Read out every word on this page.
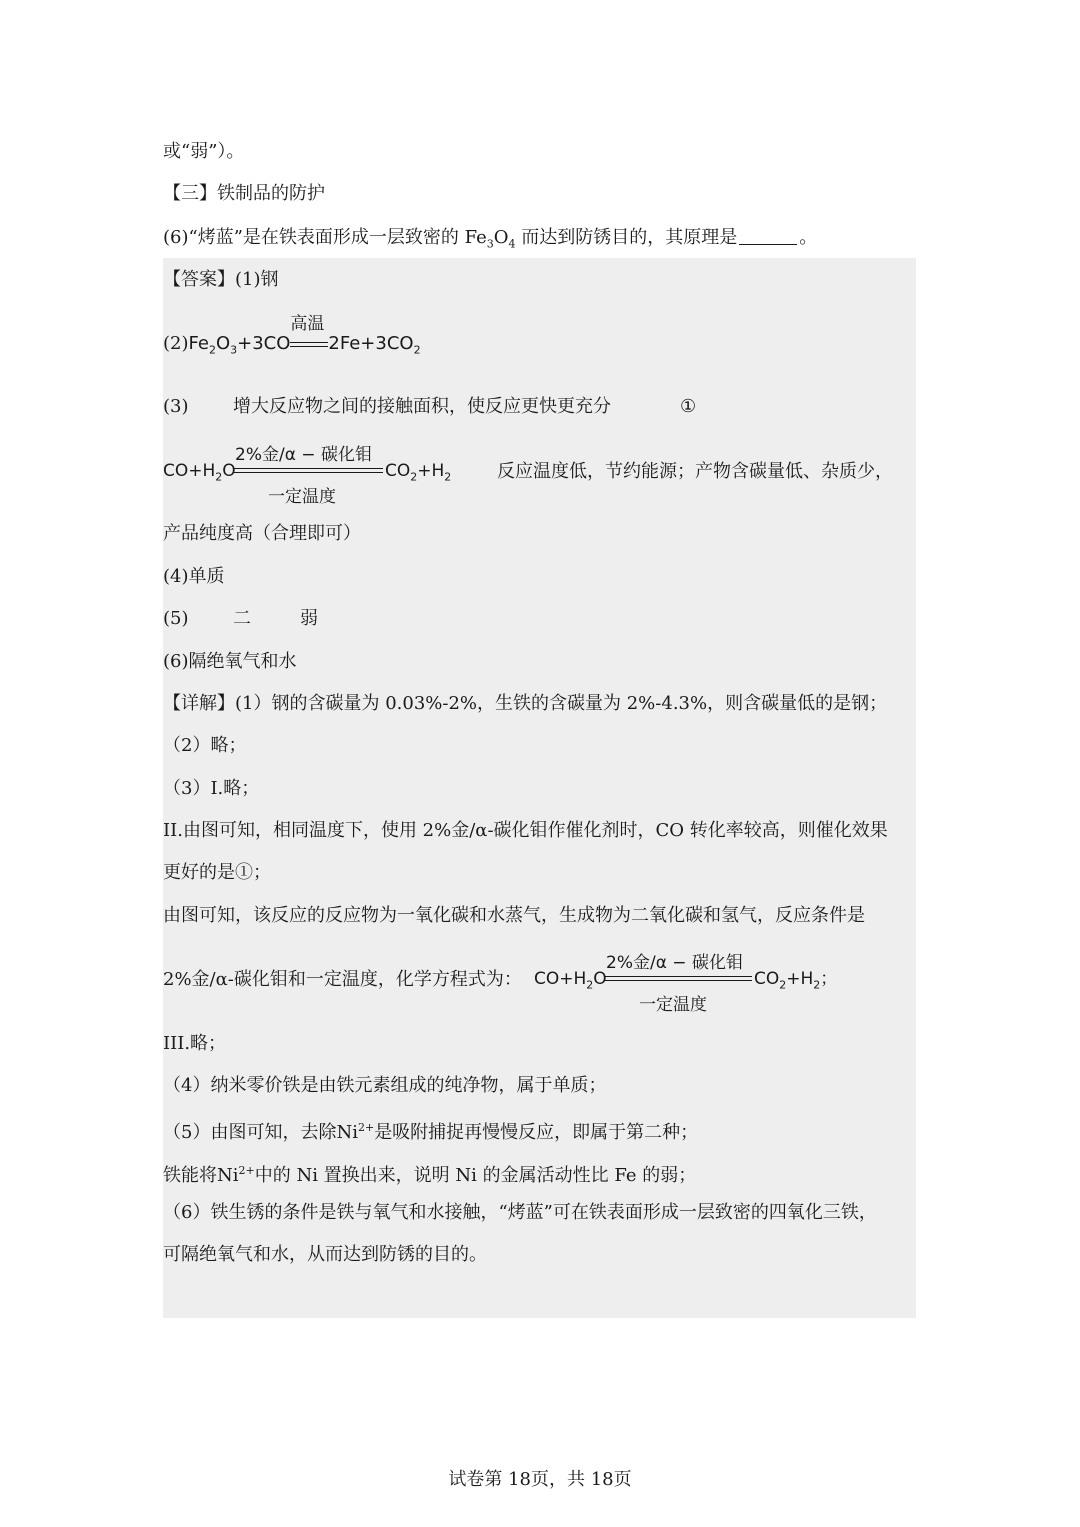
或“弱”）。
【三】铁制品的防护
(6)“烤蓝”是在铁表面形成一层致密的 $Fe_3O_4$ 而达到防锈目的，其原理是	。
【答案】(1)钢
$(2)Fe_2O_3+3CO$
高温
$2Fe+3CO_2$
(3) 增大反应物之间的接触面积，使反应更快更充分	①
$CO+H_2O$
2%金/α − 碳化钼
一定温度
$CO_2+H_2$	反应温度低，节约能源；产物含碳量低、杂质少，
产品纯度高（合理即可）
(4)单质
(5) 二	弱
(6)隔绝氧气和水
【详解】(1）钢的含碳量为 0.03%-2%，生铁的含碳量为 2%-4.3%，则含碳量低的是钢；
（2）略；
（3）I.略；
II.由图可知，相同温度下，使用 2%金/α-碳化钼作催化剂时，CO 转化率较高，则催化效果
更好的是①；
由图可知，该反应的反应物为一氧化碳和水蒸气，生成物为二氧化碳和氢气，反应条件是
2%金/α-碳化钼和一定温度，化学方程式为： $CO+H_2O$
2%金/α − 碳化钼
一定温度
$CO_2+H_2$；
III.略；
（4）纳米零价铁是由铁元素组成的纯净物，属于单质；
（5）由图可知，去除$Ni^{2+}$是吸附捕捉再慢慢反应，即属于第二种；
铁能将$Ni^{2+}$中的 Ni 置换出来，说明 Ni 的金属活动性比 Fe 的弱；
（6）铁生锈的条件是铁与氧气和水接触，“烤蓝”可在铁表面形成一层致密的四氧化三铁，
可隔绝氧气和水，从而达到防锈的目的。
试卷第 18页，共 18页
